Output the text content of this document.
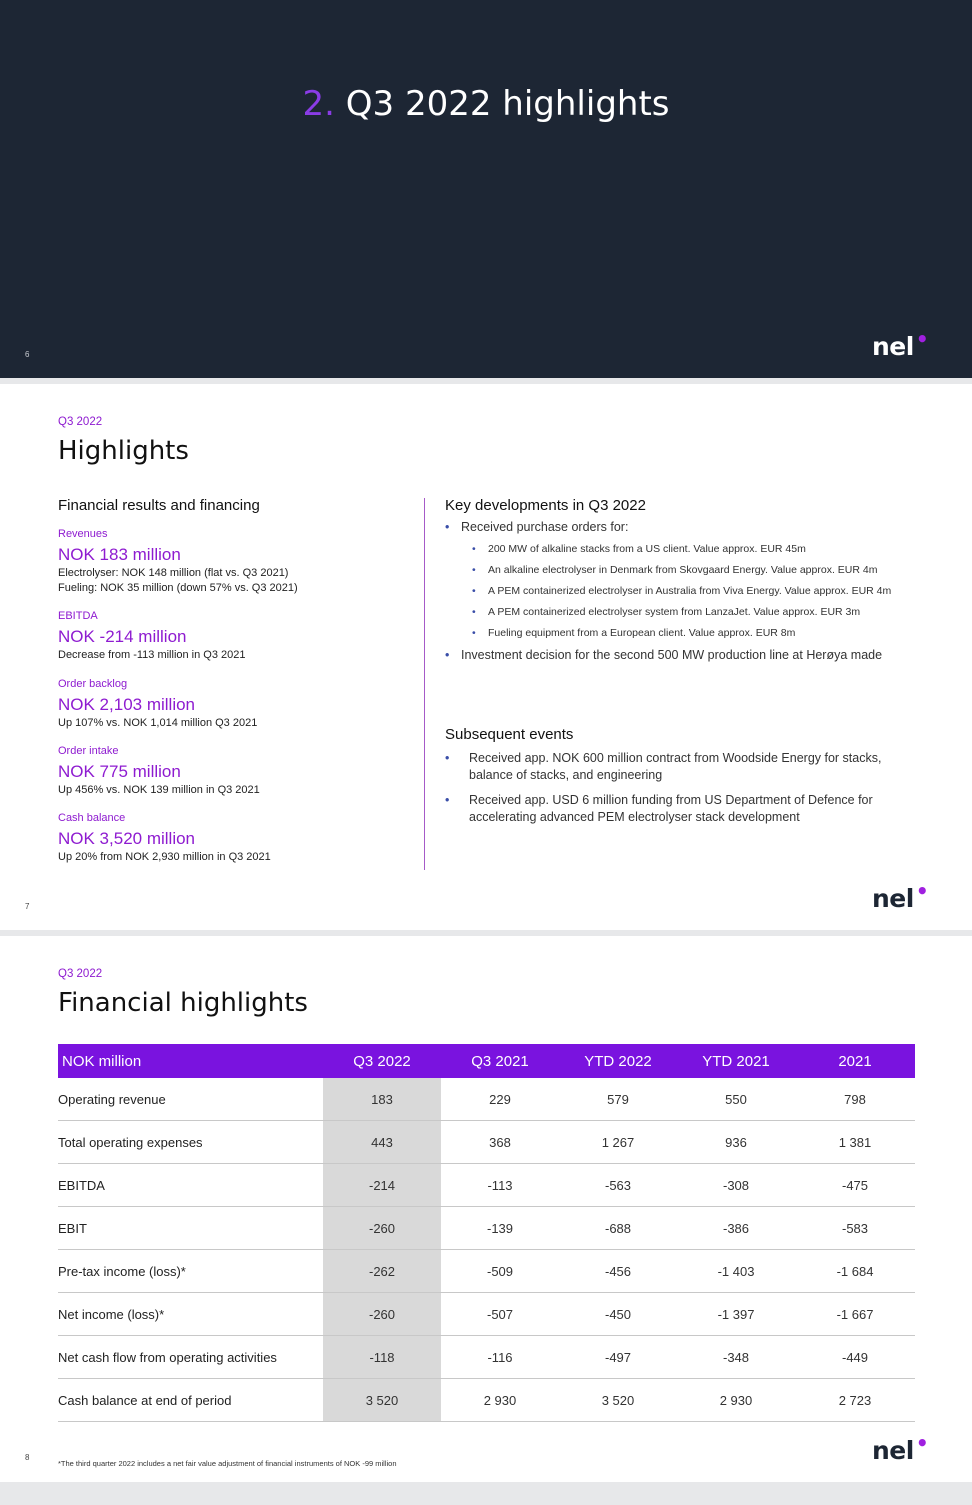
2. Q3 2022 highlights
6	nel •
Q3 2022
Highlights
Financial results and financing
Revenues
NOK 183 million
Electrolyser: NOK 148 million (flat vs. Q3 2021)
Fueling: NOK 35 million (down 57% vs. Q3 2021)
EBITDA
NOK -214 million
Decrease from -113 million in Q3 2021
Order backlog
NOK 2,103 million
Up 107% vs. NOK 1,014 million Q3 2021
Order intake
NOK 775 million
Up 456% vs. NOK 139 million in Q3 2021
Cash balance
NOK 3,520 million
Up 20% from NOK 2,930 million in Q3 2021
Key developments in Q3 2022
• Received purchase orders for:
• 200 MW of alkaline stacks from a US client. Value approx. EUR 45m
• An alkaline electrolyser in Denmark from Skovgaard Energy. Value approx. EUR 4m
• A PEM containerized electrolyser in Australia from Viva Energy. Value approx. EUR 4m
• A PEM containerized electrolyser system from LanzaJet. Value approx. EUR 3m
• Fueling equipment from a European client. Value approx. EUR 8m
• Investment decision for the second 500 MW production line at Herøya made
Subsequent events
• Received app. NOK 600 million contract from Woodside Energy for stacks, balance of stacks, and engineering
• Received app. USD 6 million funding from US Department of Defence for accelerating advanced PEM electrolyser stack development
7	nel •
Q3 2022
Financial highlights
NOK million	Q3 2022	Q3 2021	YTD 2022	YTD 2021	2021
Operating revenue	183	229	579	550	798
Total operating expenses	443	368	1 267	936	1 381
EBITDA	-214	-113	-563	-308	-475
EBIT	-260	-139	-688	-386	-583
Pre-tax income (loss)*	-262	-509	-456	-1 403	-1 684
Net income (loss)*	-260	-507	-450	-1 397	-1 667
Net cash flow from operating activities	-118	-116	-497	-348	-449
Cash balance at end of period	3 520	2 930	3 520	2 930	2 723
*The third quarter 2022 includes a net fair value adjustment of financial instruments of NOK -99 million
8	nel •
